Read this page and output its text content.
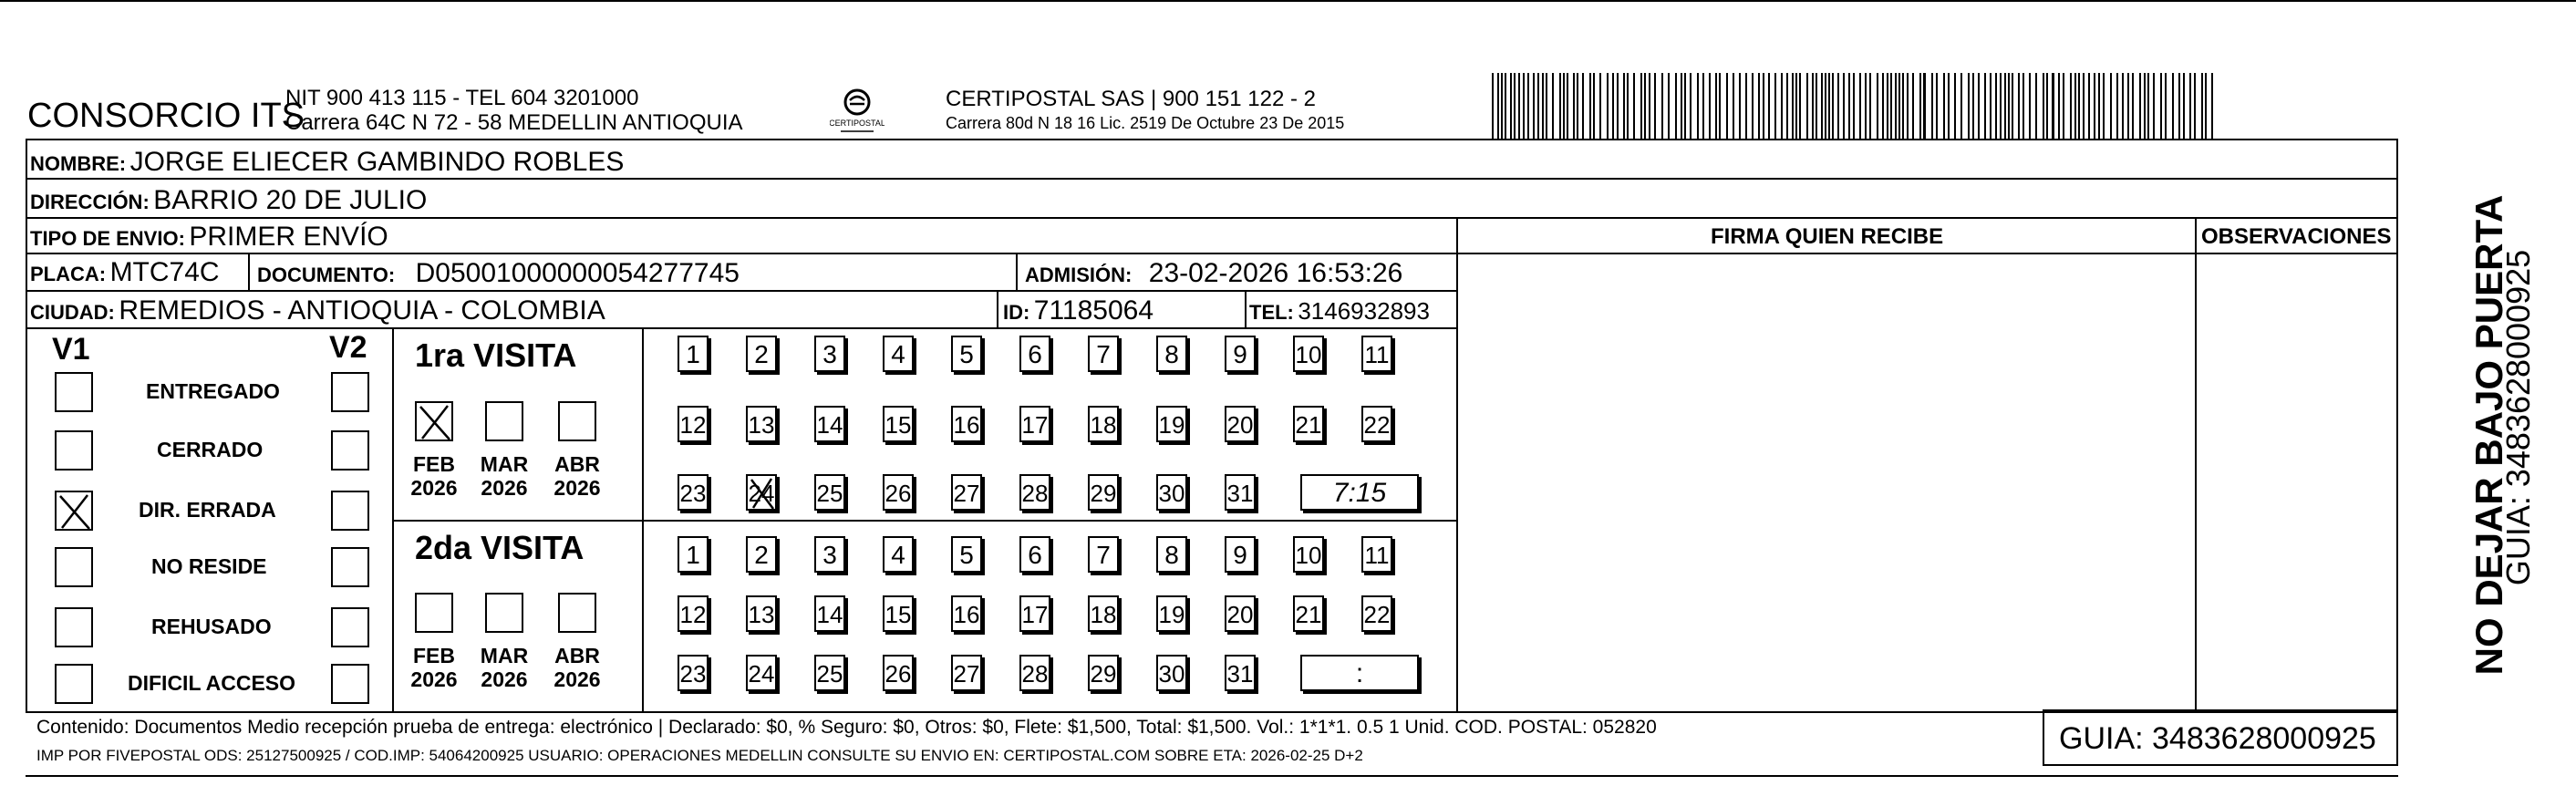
CONSORCIO ITS
NIT 900 413 115 - TEL 604 3201000
Carrera 64C N 72 - 58 MEDELLIN ANTIOQUIA	CERTIPOSTAL
CERTIPOSTAL SAS | 900 151 122 - 2
Carrera 80d N 18 16 Lic. 2519 De Octubre 23 De 2015
NOMBRE: JORGE ELIECER GAMBINDO ROBLES
DIRECCIÓN: BARRIO 20 DE JULIO
TIPO DE ENVIO: PRIMER ENVÍO	FIRMA QUIEN RECIBE	OBSERVACIONES
PLACA: MTC74C DOCUMENTO: D05001000000054277745	ADMISIÓN: 23-02-2026 16:53:26
CIUDAD: REMEDIOS - ANTIOQUIA - COLOMBIA	ID: 71185064	TEL: 3146932893
V1	V2
ENTREGADO
CERRADO
DIR. ERRADA
NO RESIDE
REHUSADO
DIFICIL ACCESO
1ra VISITA
2da VISITA
FEB
2026
MAR
2026
ABR
2026
FEB
2026
MAR
2026
ABR
2026
1	2	3	4	5	6	7	8	9	10 11
12 13 14 15 16 17 18 19 20 21 22
23 24 25 26 27 28 29 30 31	7:15
1	2	3	4	5	6	7	8	9	10 11
12 13 14 15 16 17 18 19 20 21 22
23 24 25 26 27 28 29 30 31	:
Contenido: Documentos Medio recepción prueba de entrega: electrónico | Declarado: $0, % Seguro: $0, Otros: $0, Flete: $1,500, Total: $1,500. Vol.: 1*1*1. 0.5 1 Unid. COD. POSTAL: 052820
IMP POR FIVEPOSTAL ODS: 25127500925 / COD.IMP: 54064200925 USUARIO: OPERACIONES MEDELLIN CONSULTE SU ENVIO EN: CERTIPOSTAL.COM SOBRE ETA: 2026-02-25 D+2	GUIA: 3483628000925
NO DEJAR BAJO PUERTA
GUIA: 3483628000925
